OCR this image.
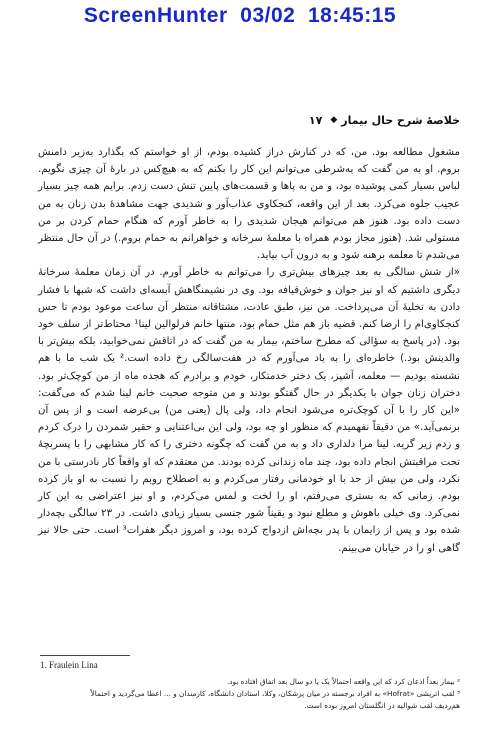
ScreenHunter  03/02  18:45:15
خلاصهٔ شرح حال بیمار
◆
۱۷

مشغول مطالعه بود. من، که در کنارش دراز کشیده بودم، از او خواستم که بگذارد به‌زیر دامنش بروم. او به من گفت که به‌شرطی می‌توانم این کار را بکنم که به هیچ‌کس در بارهٔ آن چیزی نگویم. لباس بسیار کمی پوشیده بود، و من به پاها و قسمت‌های پایین تنش دست زدم. برایم همه چیز بسیار عجیب جلوه می‌کرد. بعد از این واقعه، کنجکاوی عذاب‌آور و شدیدی جهت مشاهدهٔ بدن زنان به من دست داده بود. هنوز هم می‌توانم هیجان شدیدی را به خاطر آورم که هنگام حمام کردن بر من مستولی شد. (هنوز مجاز بودم همراه با معلمهٔ سرخانه و خواهرانم به حمام بروم.) در آن حال منتظر می‌شدم تا معلمه برهنه شود و به درون آب بیاید.

«از شش سالگی به بعد چیزهای بیش‌تری را می‌توانم به خاطر آورم. در آن زمان معلمهٔ سرخانهٔ دیگری داشتیم که او نیز جوان و خوش‌قیافه بود. وی در نشیمنگاهش آبسه‌ای داشت که شبها با فشار دادن به تخلیهٔ آن می‌پرداخت. من نیز، طبق عادت، مشتاقانه منتظر آن ساعت موعود بودم تا حس کنجکاوی‌ام را ارضا کنم. قضیه باز هم مثل حمام بود، منتها خانم فرلوالین لینا¹ محتاط‌تر از سلف خود بود. (در پاسخ به سؤالی که مطرح ساختم، بیمار به من گفت که در اتاقش نمی‌خوابید، بلکه بیش‌تر با والدینش بود.) خاطره‌ای را به یاد می‌آورم که در هفت‌سالگی رخ داده است.² یک شب ما با هم نشسته بودیم — معلمه، آشپز، یک دختر خدمتکار، خودم و برادرم که هجده ماه از من کوچک‌تر بود. دختران زنان جوان با یکدیگر در حال گفتگو بودند و من متوجه صحبت خانم لینا شدم که می‌گفت: «این کار را با آن کوچک‌تره می‌شود انجام داد، ولی پال (یعنی من) بی‌عرضه است و از پس آن برنمی‌آید.» من دقیقاً نفهمیدم که منظور او چه بود، ولی این بی‌اعتنایی و حقیر شمردن را درک کردم و زدم زیر گریه. لینا مرا دلداری داد و به من گفت که چگونه دختری را که کار مشابهی را با پسربچهٔ تحت مراقبتش انجام داده بود، چند ماه زندانی کرده بودند. من معتقدم که او واقعاً کار نادرستی با من نکرد، ولی من بیش از حد با او خودمانی رفتار می‌کردم و به اصطلاح روبم را نسبت به او باز کرده بودم. زمانی که به بستری می‌رفتم، او را لخت و لمس می‌کردم، و او نیز اعتراضی به این کار نمی‌کرد. وی خیلی باهوش و مطلع نبود و یقیناً شور جنسی بسیار زیادی داشت. در ۲۳ سالگی بچه‌دار شده بود و پس از زایمان با پدر بچه‌اش ازدواج کرده بود، و امروز دیگر هفرات³ است. حتی حالا نیز گاهی او را در خیابان می‌بینم.

1. Fraulein Lina
² بیمار بعداً اذعان کرد که این واقعه احتمالاً یک یا دو سال بعد اتفاق افتاده بود.
³ لقب اتریشی «Hofrat» به افراد برجسته در میان پزشکان، وکلا، استادان دانشگاه، کارمندان و ... اعطا می‌گردید و احتمالاً
هم‌ردیف لقب شوالیه در انگلستان امروز بوده است.
